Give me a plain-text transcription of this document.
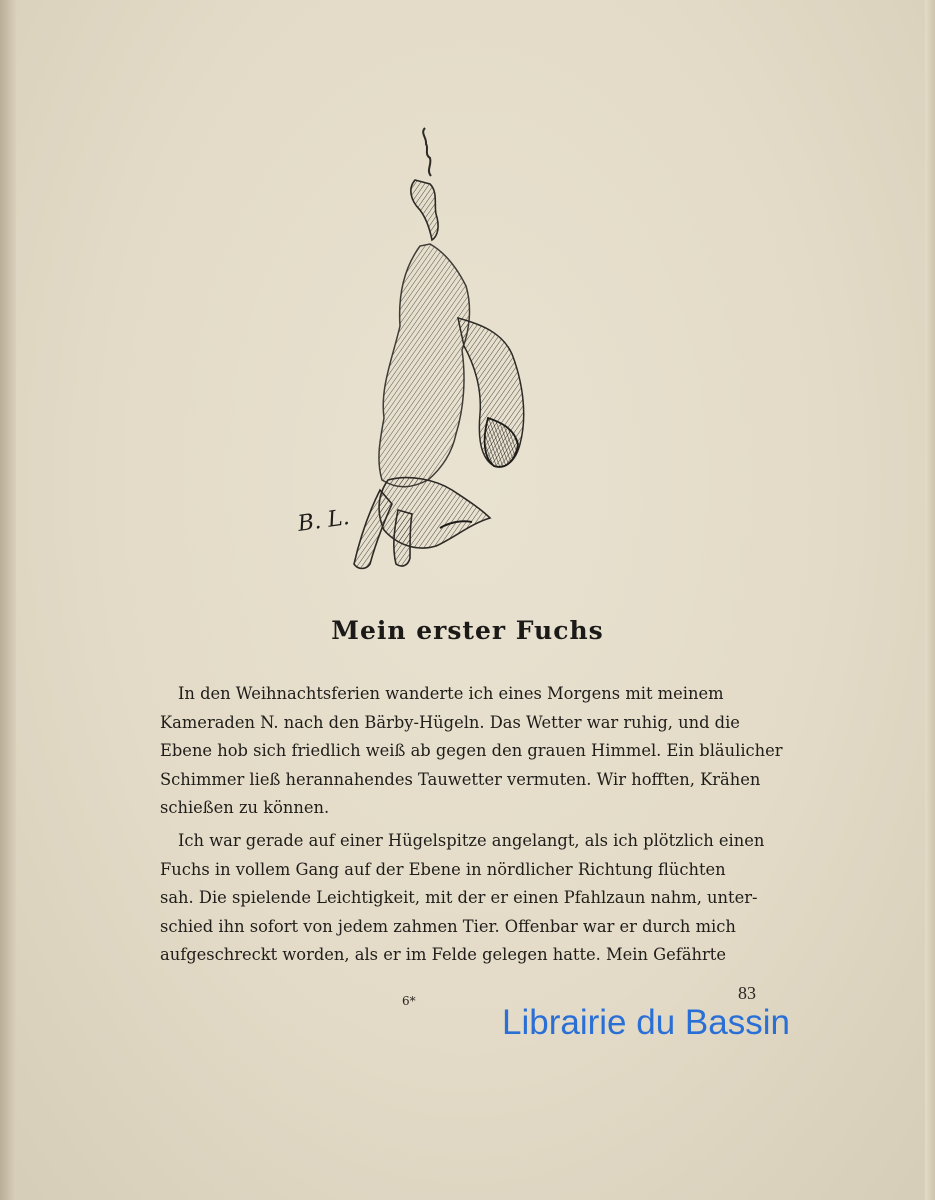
B. L.
Mein erster Fuchs
In den Weihnachtsferien wanderte ich eines Morgens mit meinem
Kameraden N. nach den Bärby-Hügeln. Das Wetter war ruhig, und die
Ebene hob sich friedlich weiß ab gegen den grauen Himmel. Ein bläulicher
Schimmer ließ herannahendes Tauwetter vermuten. Wir hofften, Krähen
schießen zu können.
Ich war gerade auf einer Hügelspitze angelangt, als ich plötzlich einen
Fuchs in vollem Gang auf der Ebene in nördlicher Richtung flüchten
sah. Die spielende Leichtigkeit, mit der er einen Pfahlzaun nahm, unter-
schied ihn sofort von jedem zahmen Tier. Offenbar war er durch mich
aufgeschreckt worden, als er im Felde gelegen hatte. Mein Gefährte
6*	83
Librairie du Bassin
